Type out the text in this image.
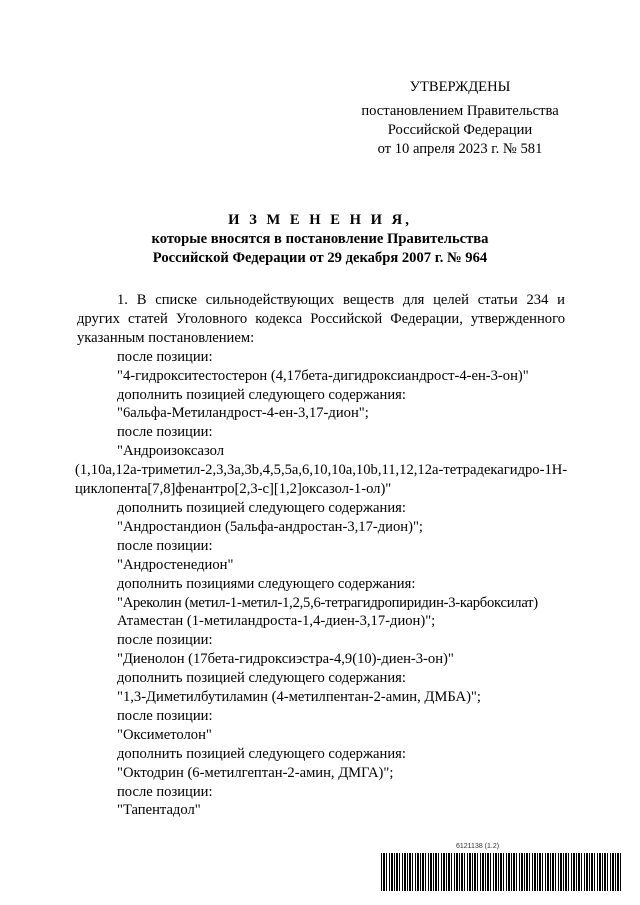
УТВЕРЖДЕНЫ
постановлением Правительства
Российской Федерации
от 10 апреля 2023 г. № 581
И З М Е Н Е Н И Я,
которые вносятся в постановление Правительства
Российской Федерации от 29 декабря 2007 г. № 964

1. В списке сильнодействующих веществ для целей статьи 234 и других статей Уголовного кодекса Российской Федерации, утвержденного указанным постановлением:

после позиции:

"4-гидрокситестостерон (4,17бета-дигидроксиандрост-4-ен-3-он)"

дополнить позицией следующего содержания:

"6альфа-Метиландрост-4-ен-3,17-дион";

после позиции:

"Андроизоксазол

(1,10а,12а-триметил-2,3,3а,3b,4,5,5а,6,10,10а,10b,11,12,12а-тетрадекагидро-1Н-циклопента[7,8]фенантро[2,3-c][1,2]оксазол-1-ол)"

дополнить позицией следующего содержания:

"Андростандион (5альфа-андростан-3,17-дион)";

после позиции:

"Андростенедион"

дополнить позициями следующего содержания:

"Ареколин (метил-1-метил-1,2,5,6-тетрагидропиридин-3-карбоксилат)

Атаместан (1-метиландроста-1,4-диен-3,17-дион)";

после позиции:

"Диенолон (17бета-гидроксиэстра-4,9(10)-диен-3-он)"

дополнить позицией следующего содержания:

"1,3-Диметилбутиламин (4-метилпентан-2-амин, ДМБА)";

после позиции:

"Оксиметолон"

дополнить позицией следующего содержания:

"Октодрин (6-метилгептан-2-амин, ДМГА)";

после позиции:

"Тапентадол"

6121138 (1.2)
